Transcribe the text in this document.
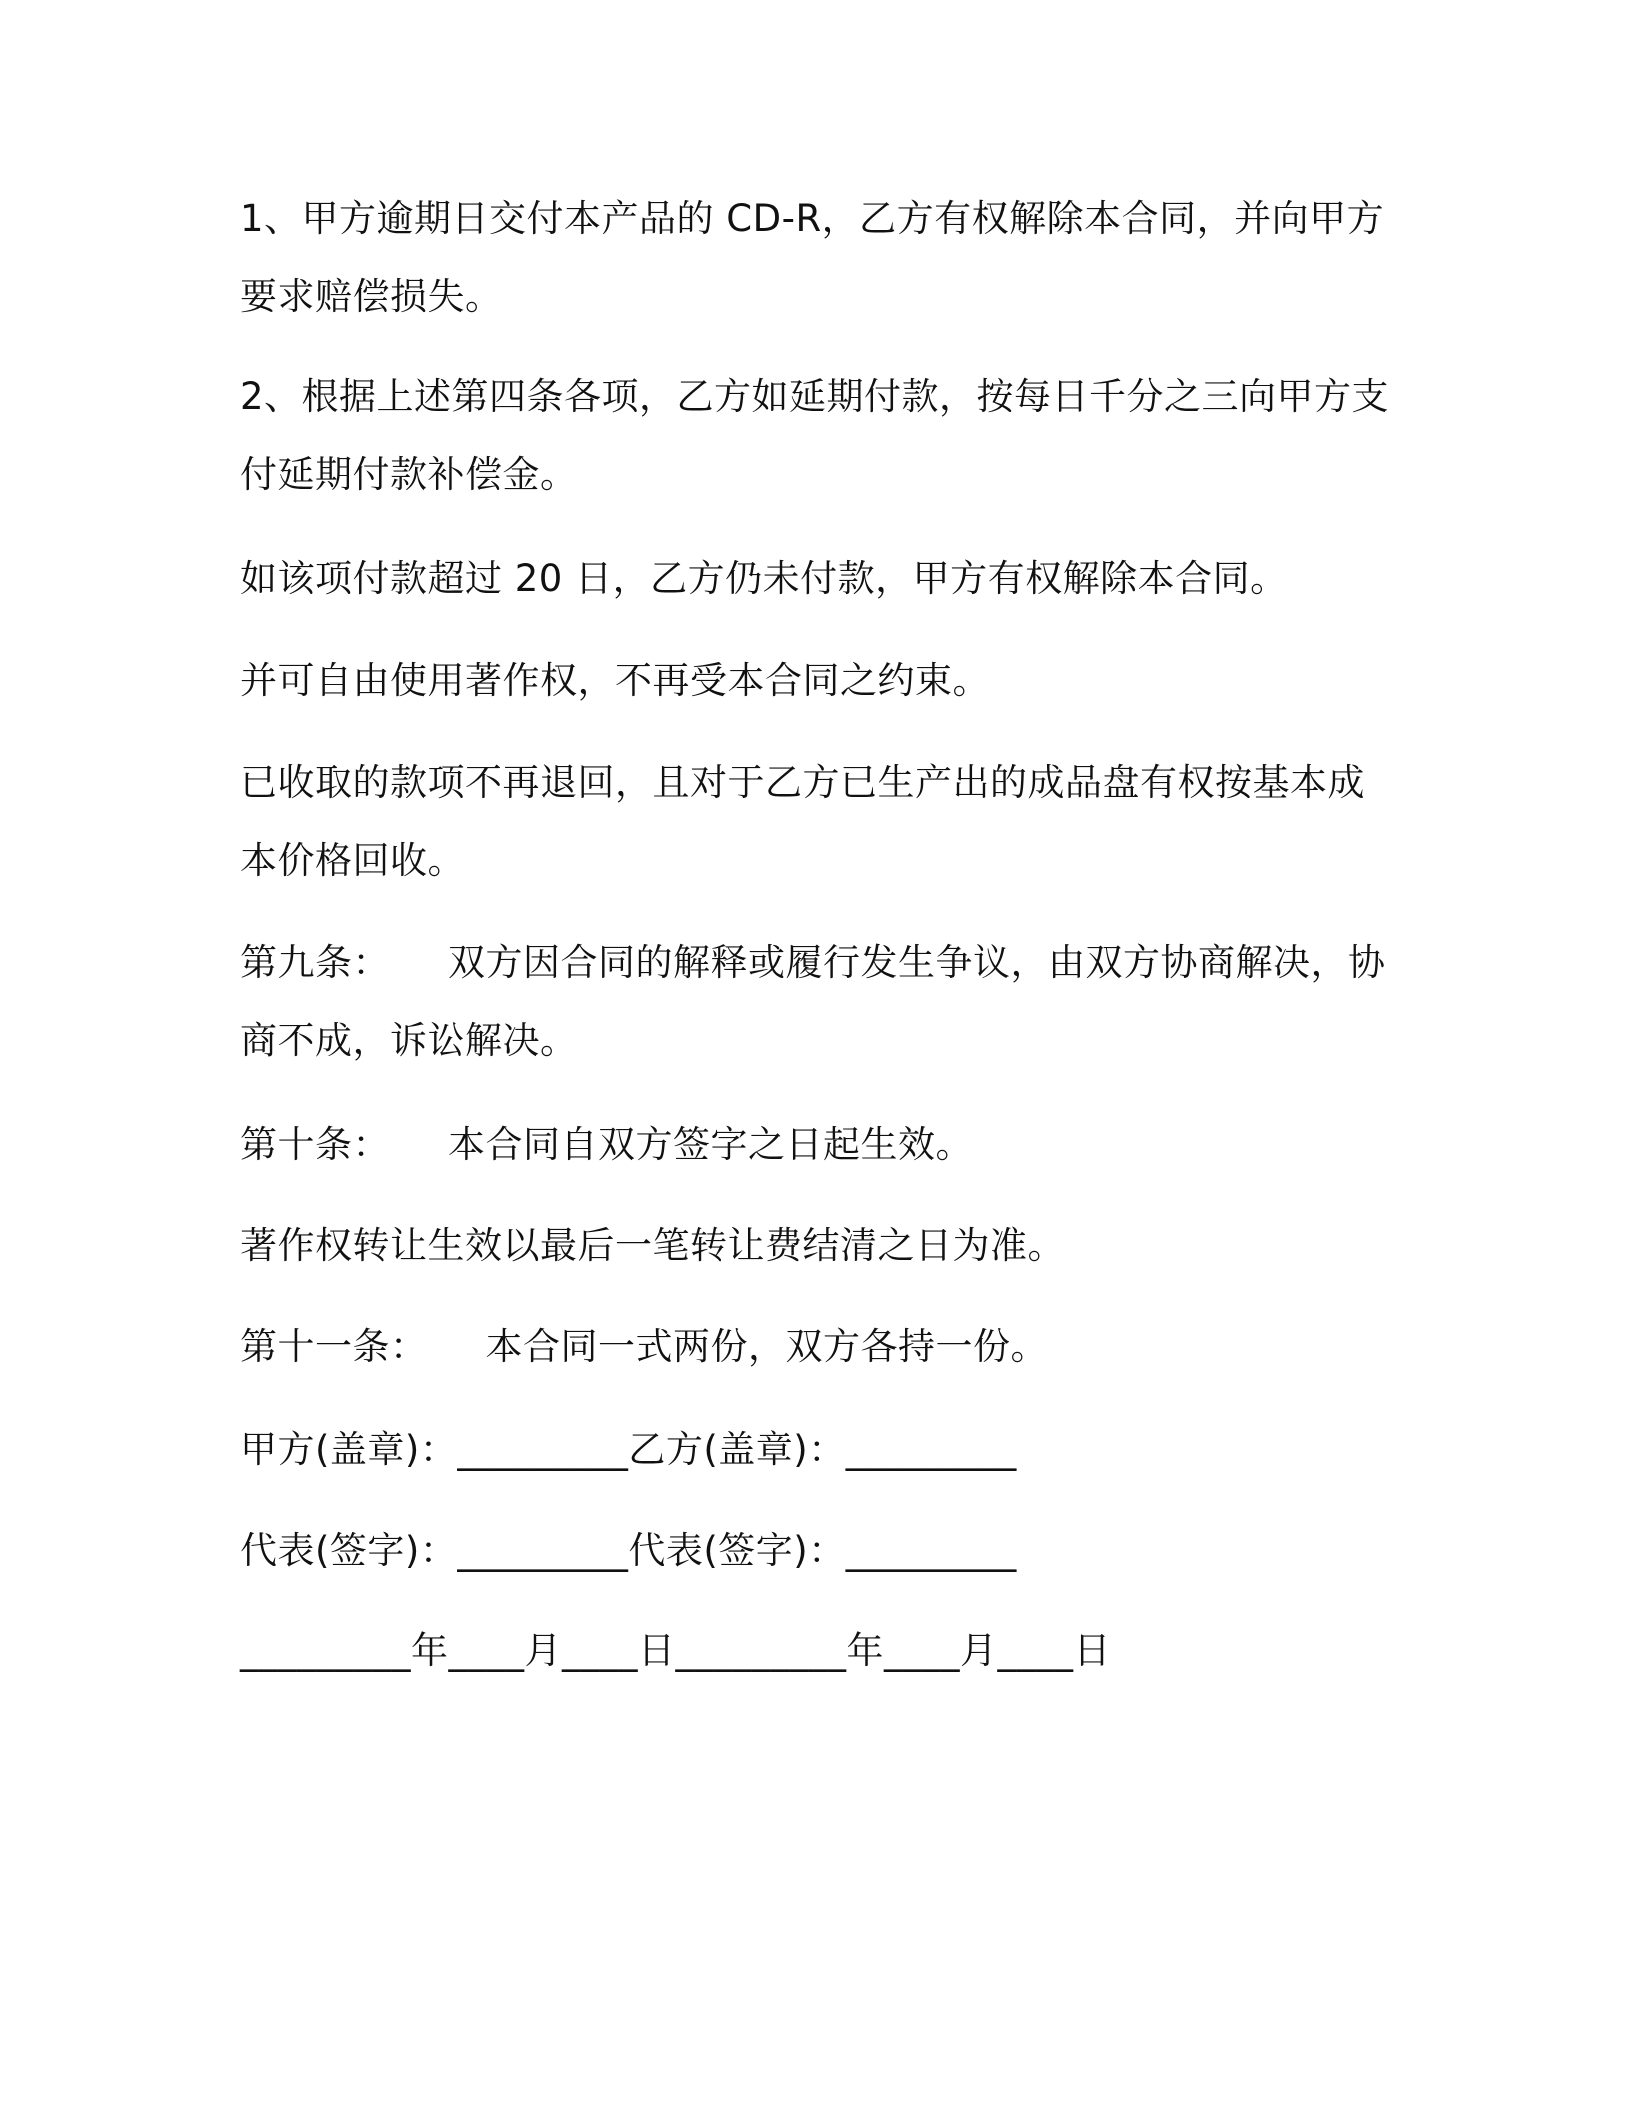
1、甲方逾期日交付本产品的 CD-R，乙方有权解除本合同，并向甲方
要求赔偿损失。
2、根据上述第四条各项，乙方如延期付款，按每日千分之三向甲方支
付延期付款补偿金。
如该项付款超过 20 日，乙方仍未付款，甲方有权解除本合同。
并可自由使用著作权，不再受本合同之约束。
已收取的款项不再退回，且对于乙方已生产出的成品盘有权按基本成
本价格回收。
第九条： 双方因合同的解释或履行发生争议，由双方协商解决，协
商不成，诉讼解决。
第十条： 本合同自双方签字之日起生效。
著作权转让生效以最后一笔转让费结清之日为准。
第十一条： 本合同一式两份，双方各持一份。
甲方(盖章)：_________乙方(盖章)：_________
代表(签字)：_________代表(签字)：_________
_________年____月____日_________年____月____日
